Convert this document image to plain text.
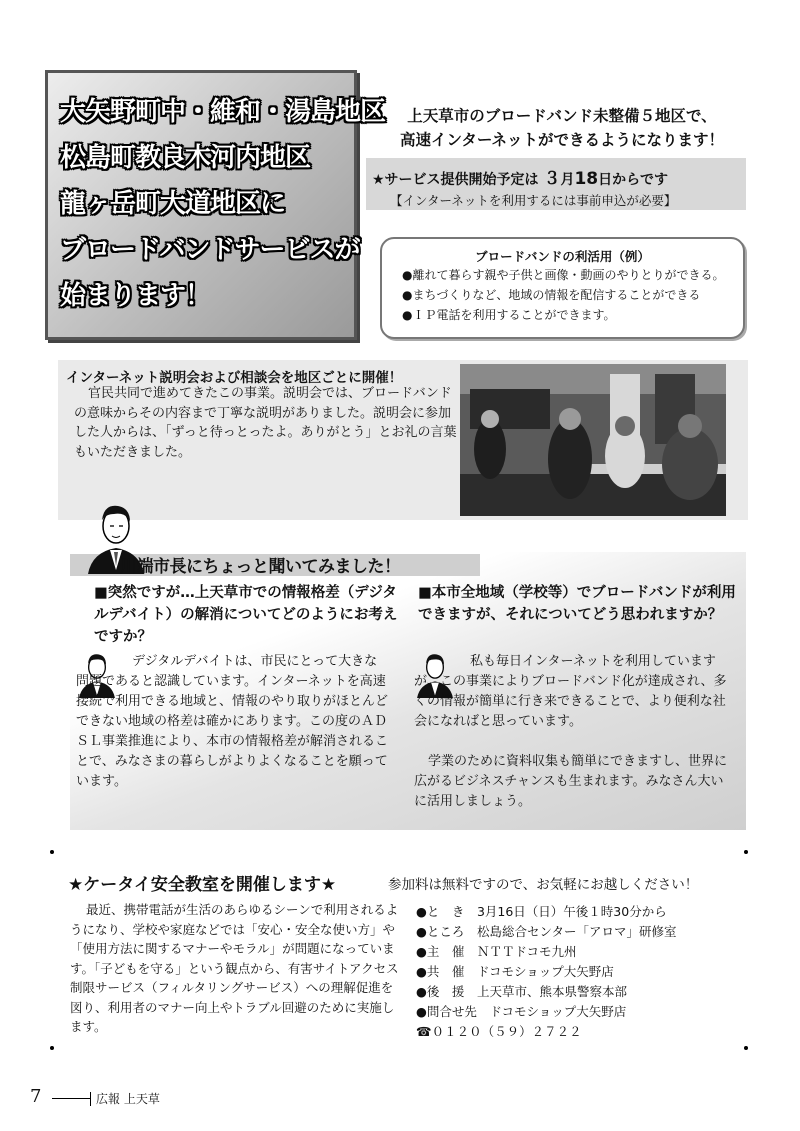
大矢野町中・維和・湯島地区
松島町教良木河内地区
龍ヶ岳町大道地区に
ブロードバンドサービスが
始まります！
上天草市のブロードバンド未整備５地区で、
高速インターネットができるようになります！
★サービス提供開始予定は ３月18日からです
【インターネットを利用するには事前申込が必要】
ブロードバンドの利活用（例）
●離れて暮らす親や子供と画像・動画のやりとりができる。
●まちづくりなど、地域の情報を配信することができる
●ＩＰ電話を利用することができます。
インターネット説明会および相談会を地区ごとに開催！
官民共同で進めてきたこの事業。説明会では、ブロードバンドの意味からその内容まで丁寧な説明がありました。説明会に参加した人からは、「ずっと待っとったよ。ありがとう」とお礼の言葉もいただきました。
川端市長にちょっと聞いてみました！
■突然ですが…上天草市での情報格差（デジタルデバイト）の解消についてどのようにお考えですか？
デジタルデバイトは、市民にとって大きな問題であると認識しています。インターネットを高速接続で利用できる地域と、情報のやり取りがほとんどできない地域の格差は確かにあります。この度のＡＤＳＬ事業推進により、本市の情報格差が解消されることで、みなさまの暮らしがよりよくなることを願っています。
■本市全地域（学校等）でブロードバンドが利用できますが、それについてどう思われますか？
私も毎日インターネットを利用していますが、この事業によりブロードバンド化が達成され、多くの情報が簡単に行き来できることで、より便利な社会になればと思っています。
学業のために資料収集も簡単にできますし、世界に広がるビジネスチャンスも生まれます。みなさん大いに活用しましょう。
★ケータイ安全教室を開催します★	参加料は無料ですので、お気軽にお越しください！
最近、携帯電話が生活のあらゆるシーンで利用されるようになり、学校や家庭などでは「安心・安全な使い方」や「使用方法に関するマナーやモラル」が問題になっています。「子どもを守る」という観点から、有害サイトアクセス制限サービス（フィルタリングサービス）への理解促進を図り、利用者のマナー向上やトラブル回避のために実施します。
●と　き　 3月16日（日）午後１時30分から
●ところ　 松島総合センター「アロマ」研修室
●主　催　 ＮＴＴドコモ九州
●共　催　 ドコモショップ大矢野店
●後　援　 上天草市、熊本県警察本部
●問合せ先　 ドコモショップ大矢野店
☎０１２０（５９）２７２２
7	広報 上天草
